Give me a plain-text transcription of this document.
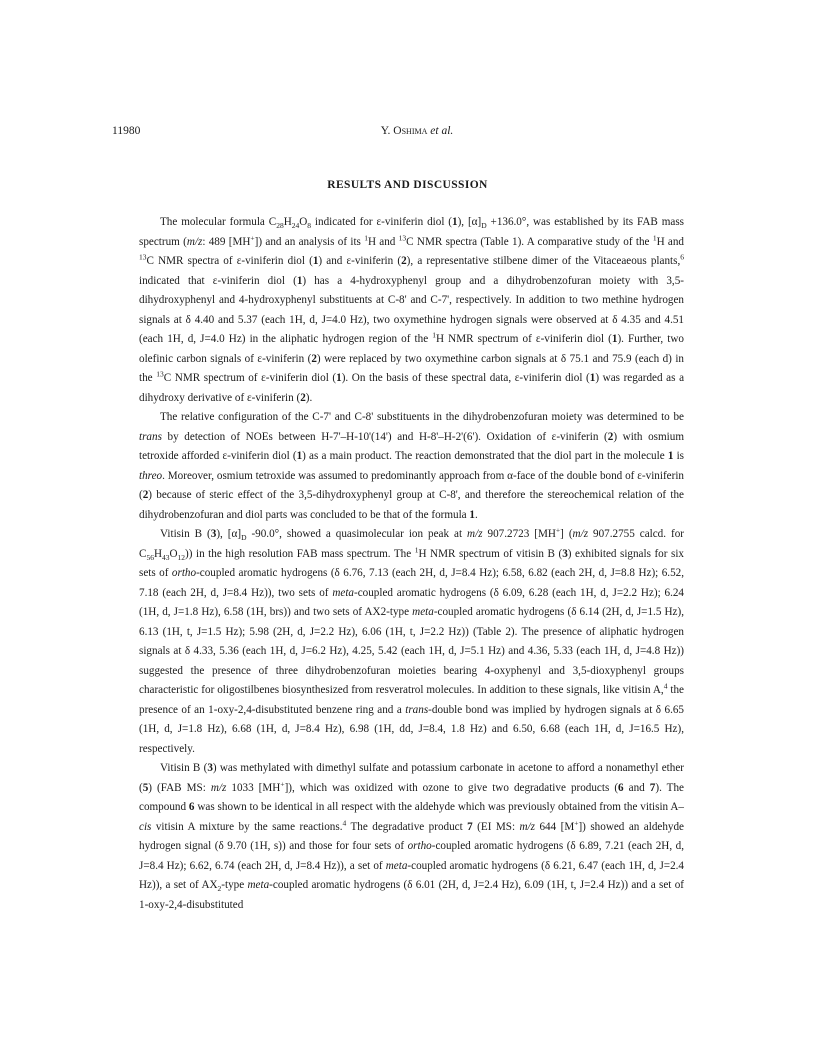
11980	Y. Oshima et al.
RESULTS AND DISCUSSION

The molecular formula $C_{28}H_{24}O_8$ indicated for ε-viniferin diol (1), $[\alpha]_D +136.0^\circ$, was established by its FAB mass spectrum (m/z: 489 [MH+]) and an analysis of its $^1$H and $^{13}$C NMR spectra (Table 1). A comparative study of the $^1$H and $^{13}$C NMR spectra of ε-viniferin diol (1) and ε-viniferin (2), a representative stilbene dimer of the Vitaceaeous plants,$^6$ indicated that ε-viniferin diol (1) has a 4-hydroxyphenyl group and a dihydrobenzofuran moiety with 3,5-dihydroxyphenyl and 4-hydroxyphenyl substituents at C-8' and C-7', respectively. In addition to two methine hydrogen signals at δ 4.40 and 5.37 (each 1H, d, J=4.0 Hz), two oxymethine hydrogen signals were observed at δ 4.35 and 4.51 (each 1H, d, J=4.0 Hz) in the aliphatic hydrogen region of the $^1$H NMR spectrum of ε-viniferin diol (1). Further, two olefinic carbon signals of ε-viniferin (2) were replaced by two oxymethine carbon signals at δ 75.1 and 75.9 (each d) in the $^{13}$C NMR spectrum of ε-viniferin diol (1). On the basis of these spectral data, ε-viniferin diol (1) was regarded as a dihydroxy derivative of ε-viniferin (2).

The relative configuration of the C-7' and C-8' substituents in the dihydrobenzofuran moiety was determined to be trans by detection of NOEs between H-7'–H-10'(14') and H-8'–H-2'(6'). Oxidation of ε-viniferin (2) with osmium tetroxide afforded ε-viniferin diol (1) as a main product. The reaction demonstrated that the diol part in the molecule 1 is threo. Moreover, osmium tetroxide was assumed to predominantly approach from α-face of the double bond of ε-viniferin (2) because of steric effect of the 3,5-dihydroxyphenyl group at C-8', and therefore the stereochemical relation of the dihydrobenzofuran and diol parts was concluded to be that of the formula 1.

Vitisin B (3), $[\alpha]_D$ -90.0°, showed a quasimolecular ion peak at m/z 907.2723 [MH+] (m/z 907.2755 calcd. for $C_{56}H_{43}O_{12}$)) in the high resolution FAB mass spectrum. The $^1$H NMR spectrum of vitisin B (3) exhibited signals for six sets of ortho-coupled aromatic hydrogens (δ 6.76, 7.13 (each 2H, d, J=8.4 Hz); 6.58, 6.82 (each 2H, d, J=8.8 Hz); 6.52, 7.18 (each 2H, d, J=8.4 Hz)), two sets of meta-coupled aromatic hydrogens (δ 6.09, 6.28 (each 1H, d, J=2.2 Hz); 6.24 (1H, d, J=1.8 Hz), 6.58 (1H, brs)) and two sets of AX2-type meta-coupled aromatic hydrogens (δ 6.14 (2H, d, J=1.5 Hz), 6.13 (1H, t, J=1.5 Hz); 5.98 (2H, d, J=2.2 Hz), 6.06 (1H, t, J=2.2 Hz)) (Table 2). The presence of aliphatic hydrogen signals at δ 4.33, 5.36 (each 1H, d, J=6.2 Hz), 4.25, 5.42 (each 1H, d, J=5.1 Hz) and 4.36, 5.33 (each 1H, d, J=4.8 Hz)) suggested the presence of three dihydrobenzofuran moieties bearing 4-oxyphenyl and 3,5-dioxyphenyl groups characteristic for oligostilbenes biosynthesized from resveratrol molecules. In addition to these signals, like vitisin A,$^4$ the presence of an 1-oxy-2,4-disubstituted benzene ring and a trans-double bond was implied by hydrogen signals at δ 6.65 (1H, d, J=1.8 Hz), 6.68 (1H, d, J=8.4 Hz), 6.98 (1H, dd, J=8.4, 1.8 Hz) and 6.50, 6.68 (each 1H, d, J=16.5 Hz), respectively.

Vitisin B (3) was methylated with dimethyl sulfate and potassium carbonate in acetone to afford a nonamethyl ether (5) (FAB MS: m/z 1033 [MH+]), which was oxidized with ozone to give two degradative products (6 and 7). The compound 6 was shown to be identical in all respect with the aldehyde which was previously obtained from the vitisin A–cis vitisin A mixture by the same reactions.$^4$ The degradative product 7 (EI MS: m/z 644 [M+]) showed an aldehyde hydrogen signal (δ 9.70 (1H, s)) and those for four sets of ortho-coupled aromatic hydrogens (δ 6.89, 7.21 (each 2H, d, J=8.4 Hz); 6.62, 6.74 (each 2H, d, J=8.4 Hz)), a set of meta-coupled aromatic hydrogens (δ 6.21, 6.47 (each 1H, d, J=2.4 Hz)), a set of $AX_2$-type meta-coupled aromatic hydrogens (δ 6.01 (2H, d, J=2.4 Hz), 6.09 (1H, t, J=2.4 Hz)) and a set of 1-oxy-2,4-disubstituted
